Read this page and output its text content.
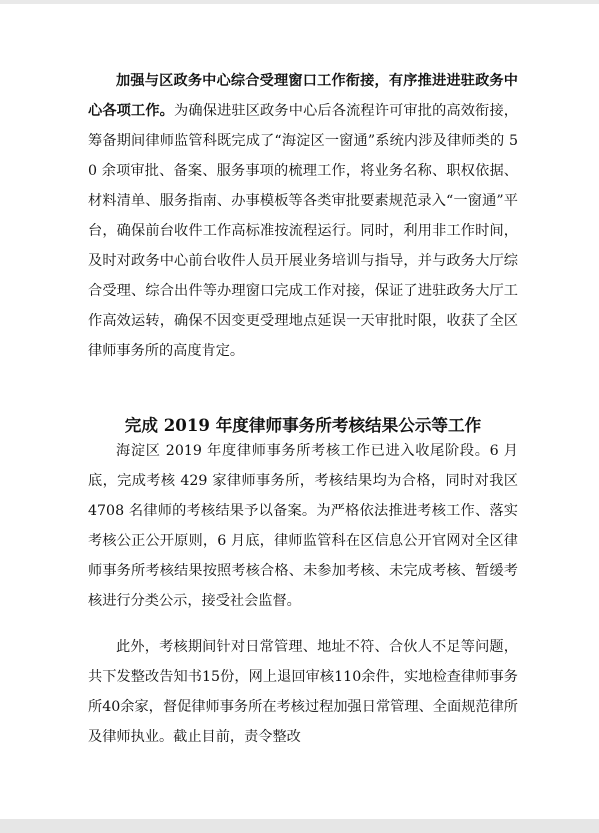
加强与区政务中心综合受理窗口工作衔接，有序推进进驻政务中心各项工作。为确保进驻区政务中心后各流程许可审批的高效衔接，筹备期间律师监管科既完成了“海淀区一窗通”系统内涉及律师类的 50 余项审批、备案、服务事项的梳理工作，将业务名称、职权依据、材料清单、服务指南、办事模板等各类审批要素规范录入“一窗通”平台，确保前台收件工作高标准按流程运行。同时，利用非工作时间，及时对政务中心前台收件人员开展业务培训与指导，并与政务大厅综合受理、综合出件等办理窗口完成工作对接，保证了进驻政务大厅工作高效运转，确保不因变更受理地点延误一天审批时限，收获了全区律师事务所的高度肯定。

完成 2019 年度律师事务所考核结果公示等工作

海淀区 2019 年度律师事务所考核工作已进入收尾阶段。6 月底，完成考核 429 家律师事务所，考核结果均为合格，同时对我区 4708 名律师的考核结果予以备案。为严格依法推进考核工作、落实考核公正公开原则，6 月底，律师监管科在区信息公开官网对全区律师事务所考核结果按照考核合格、未参加考核、未完成考核、暂缓考核进行分类公示，接受社会监督。

此外，考核期间针对日常管理、地址不符、合伙人不足等问题，共下发整改告知书15份，网上退回审核110余件，实地检查律师事务所40余家，督促律师事务所在考核过程加强日常管理、全面规范律所及律师执业。截止目前，责令整改
